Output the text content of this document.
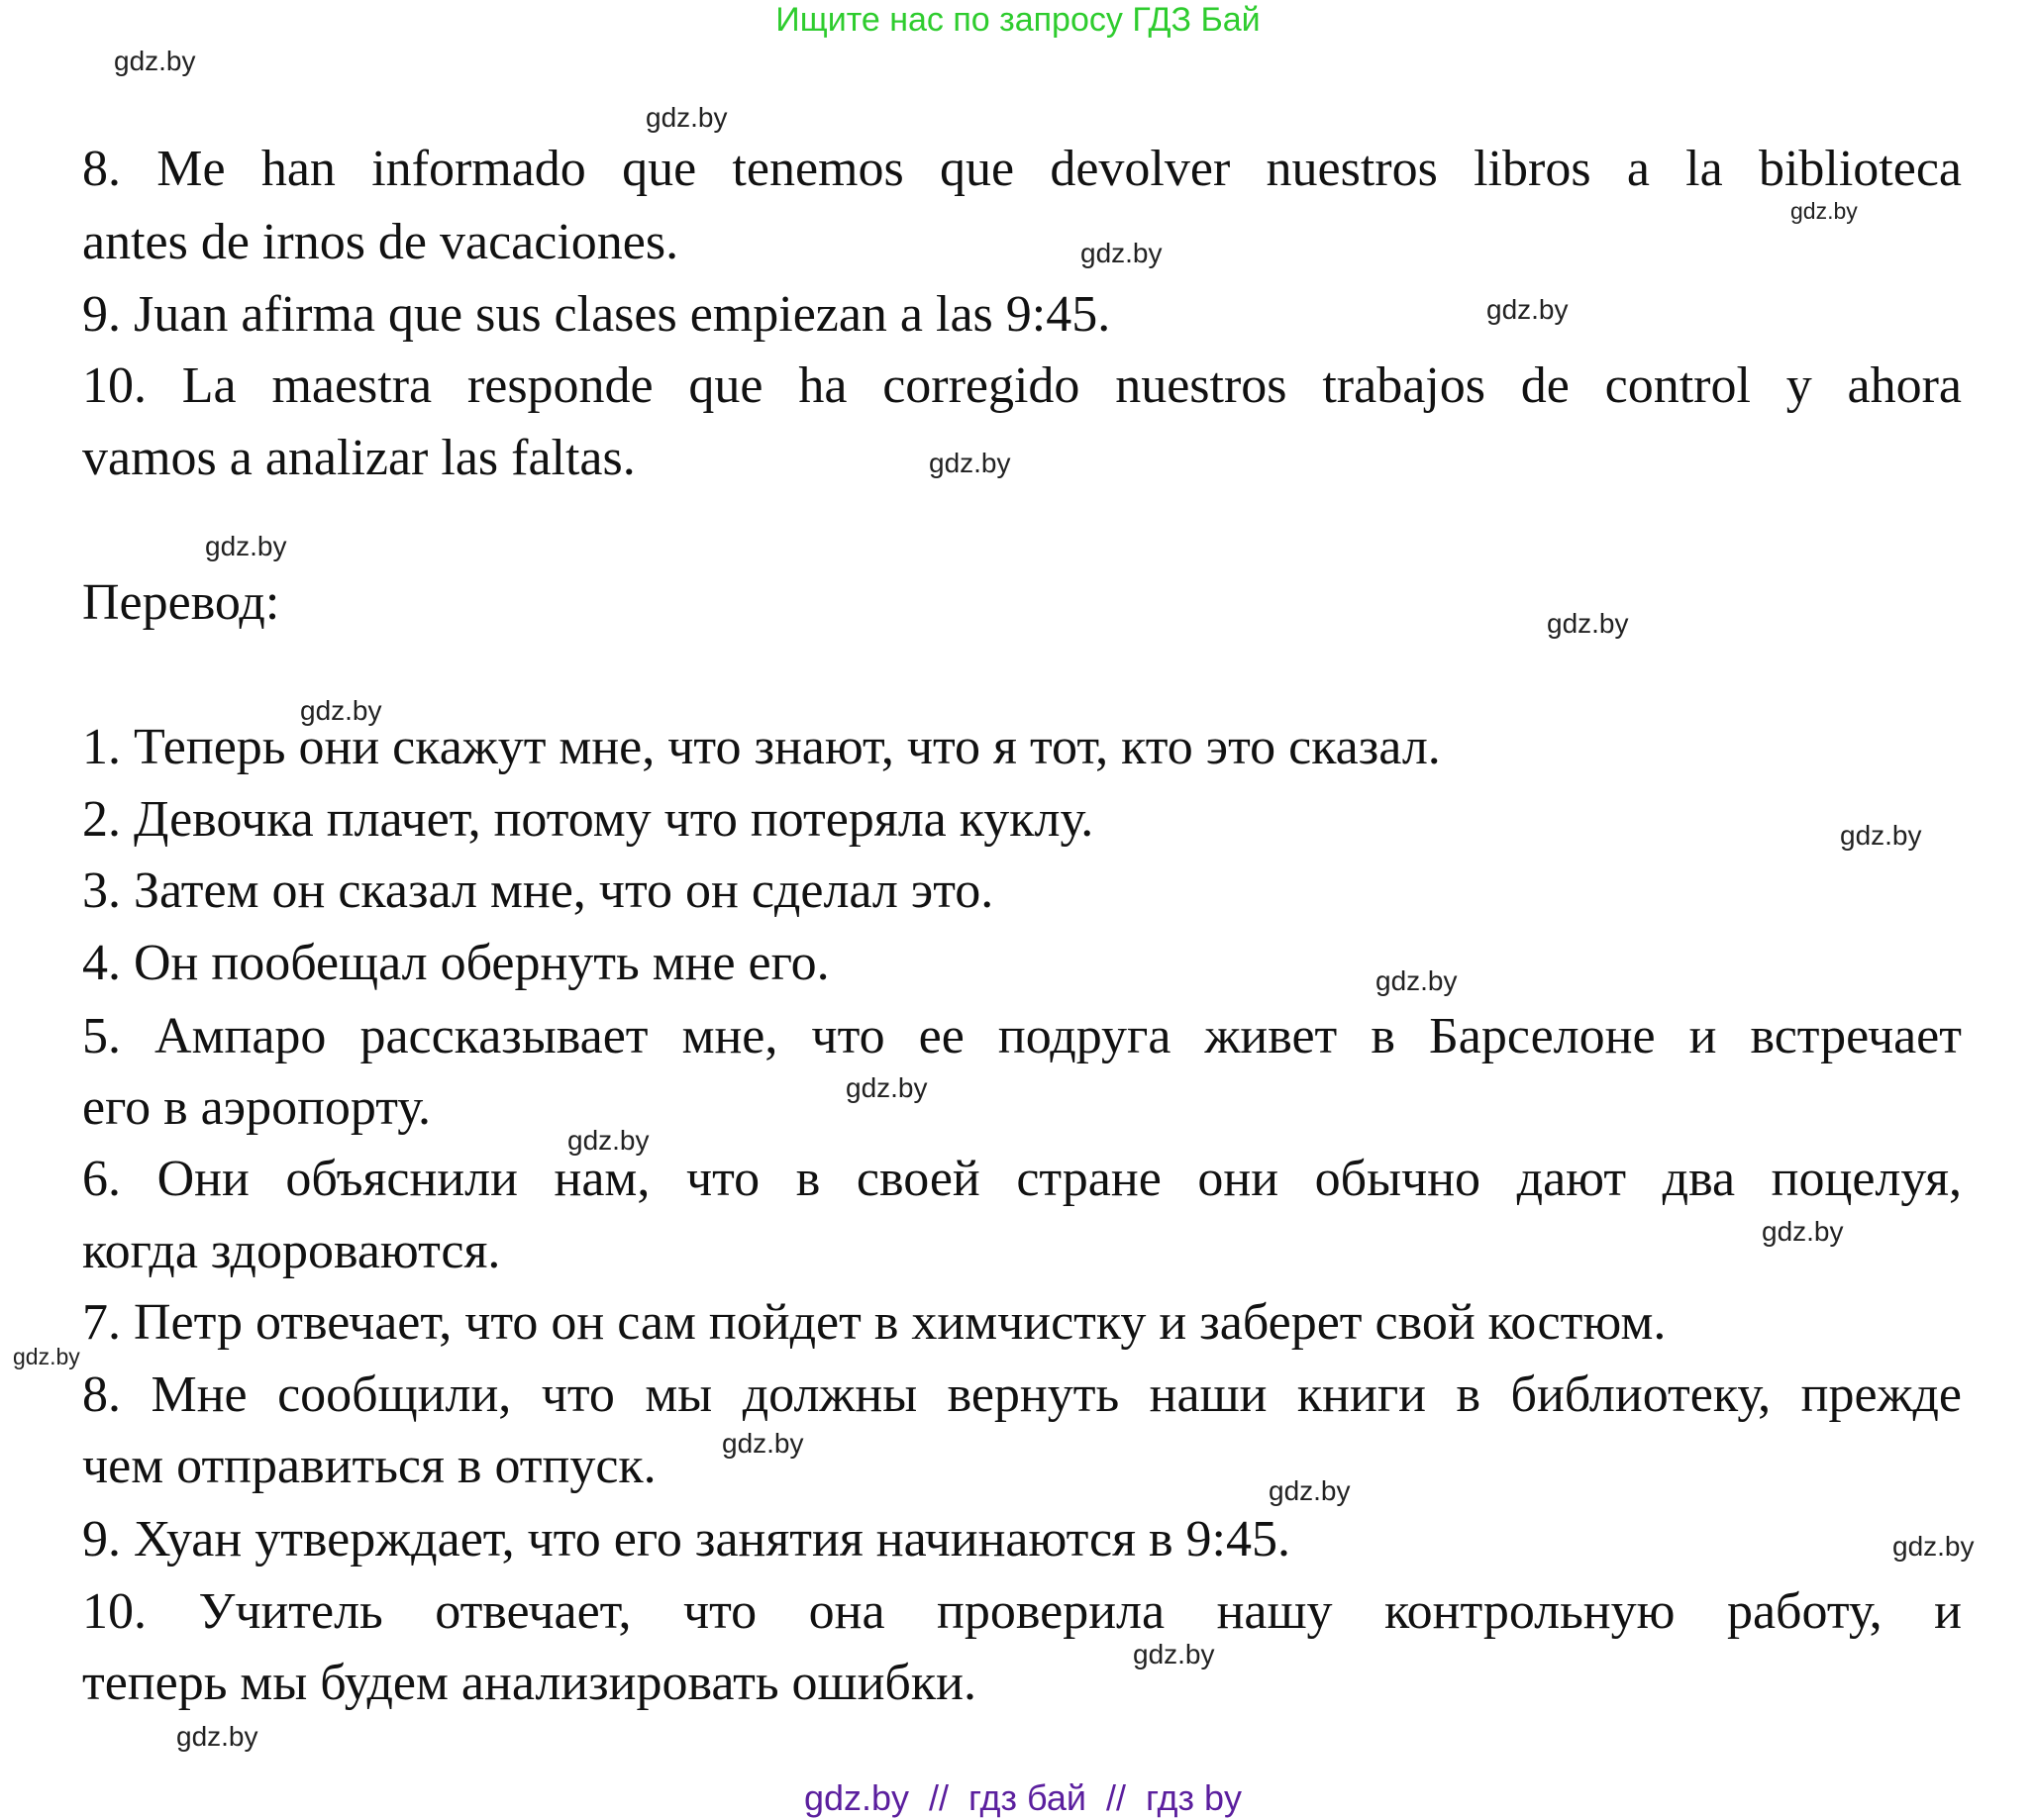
Ищите нас по запросу ГДЗ Бай
8. Me han informado que tenemos que devolver nuestros libros a la biblioteca
antes de irnos de vacaciones.
9. Juan afirma que sus clases empiezan a las 9:45.
10. La maestra responde que ha corregido nuestros trabajos de control y ahora
vamos a analizar las faltas.
Перевод:
1. Теперь они скажут мне, что знают, что я тот, кто это сказал.
2. Девочка плачет, потому что потеряла куклу.
3. Затем он сказал мне, что он сделал это.
4. Он пообещал обернуть мне его.
5. Ампаро рассказывает мне, что ее подруга живет в Барселоне и встречает
его в аэропорту.
6. Они объяснили нам, что в своей стране они обычно дают два поцелуя,
когда здороваются.
7. Петр отвечает, что он сам пойдет в химчистку и заберет свой костюм.
8. Мне сообщили, что мы должны вернуть наши книги в библиотеку, прежде
чем отправиться в отпуск.
9. Хуан утверждает, что его занятия начинаются в 9:45.
10. Учитель отвечает, что она проверила нашу контрольную работу, и
теперь мы будем анализировать ошибки.
gdz.by
gdz.by
gdz.by
gdz.by
gdz.by
gdz.by
gdz.by
gdz.by
gdz.by
gdz.by
gdz.by
gdz.by
gdz.by
gdz.by
gdz.by
gdz.by
gdz.by
gdz.by
gdz.by
gdz.by
gdz.by  //  гдз бай  //  гдз by
